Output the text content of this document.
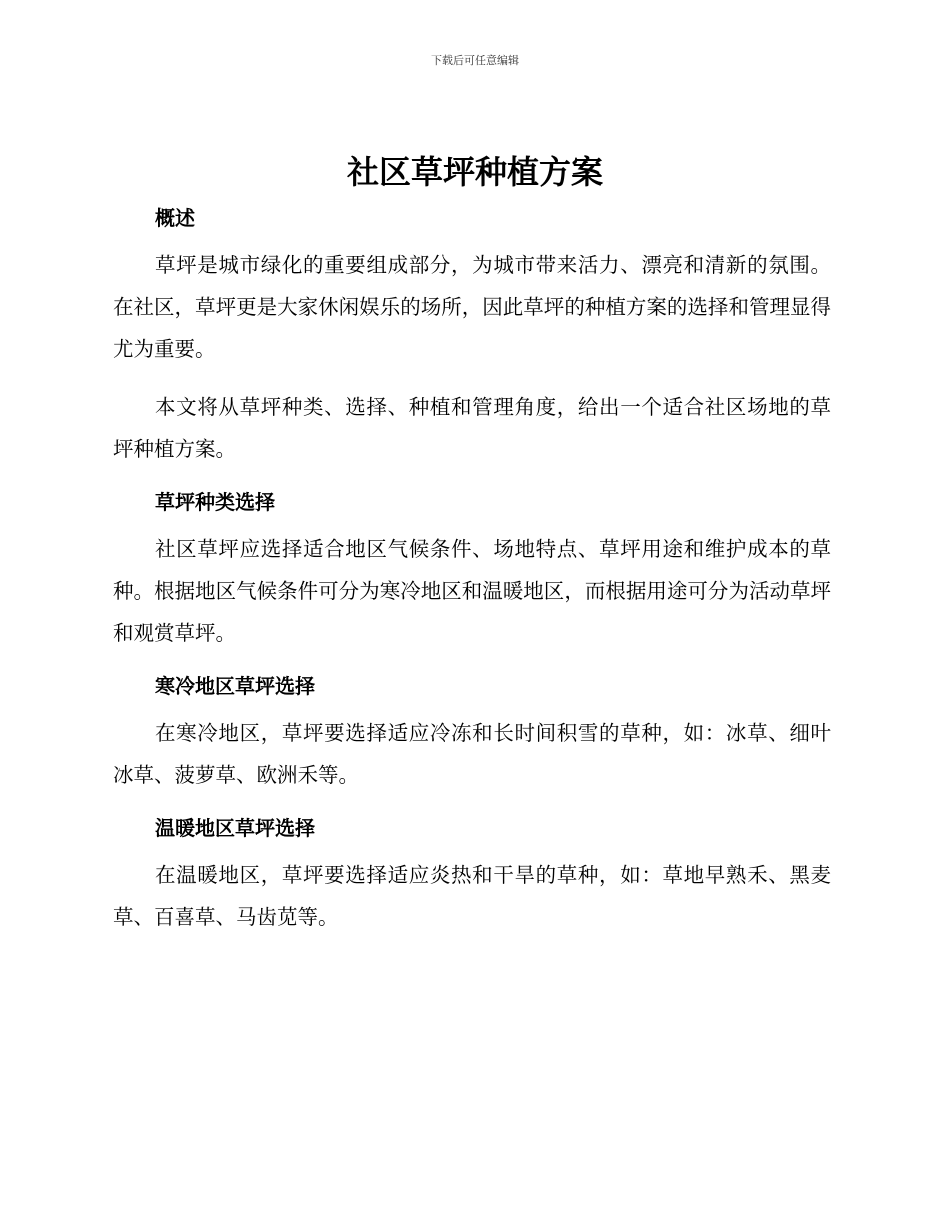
下载后可任意编辑
社区草坪种植方案
概述

草坪是城市绿化的重要组成部分，为城市带来活力、漂亮和清新的氛围。在社区，草坪更是大家休闲娱乐的场所，因此草坪的种植方案的选择和管理显得尤为重要。

本文将从草坪种类、选择、种植和管理角度，给出一个适合社区场地的草坪种植方案。

草坪种类选择

社区草坪应选择适合地区气候条件、场地特点、草坪用途和维护成本的草种。根据地区气候条件可分为寒冷地区和温暖地区，而根据用途可分为活动草坪和观赏草坪。

寒冷地区草坪选择

在寒冷地区，草坪要选择适应冷冻和长时间积雪的草种，如：冰草、细叶冰草、菠萝草、欧洲禾等。

温暖地区草坪选择

在温暖地区，草坪要选择适应炎热和干旱的草种，如：草地早熟禾、黑麦草、百喜草、马齿苋等。
